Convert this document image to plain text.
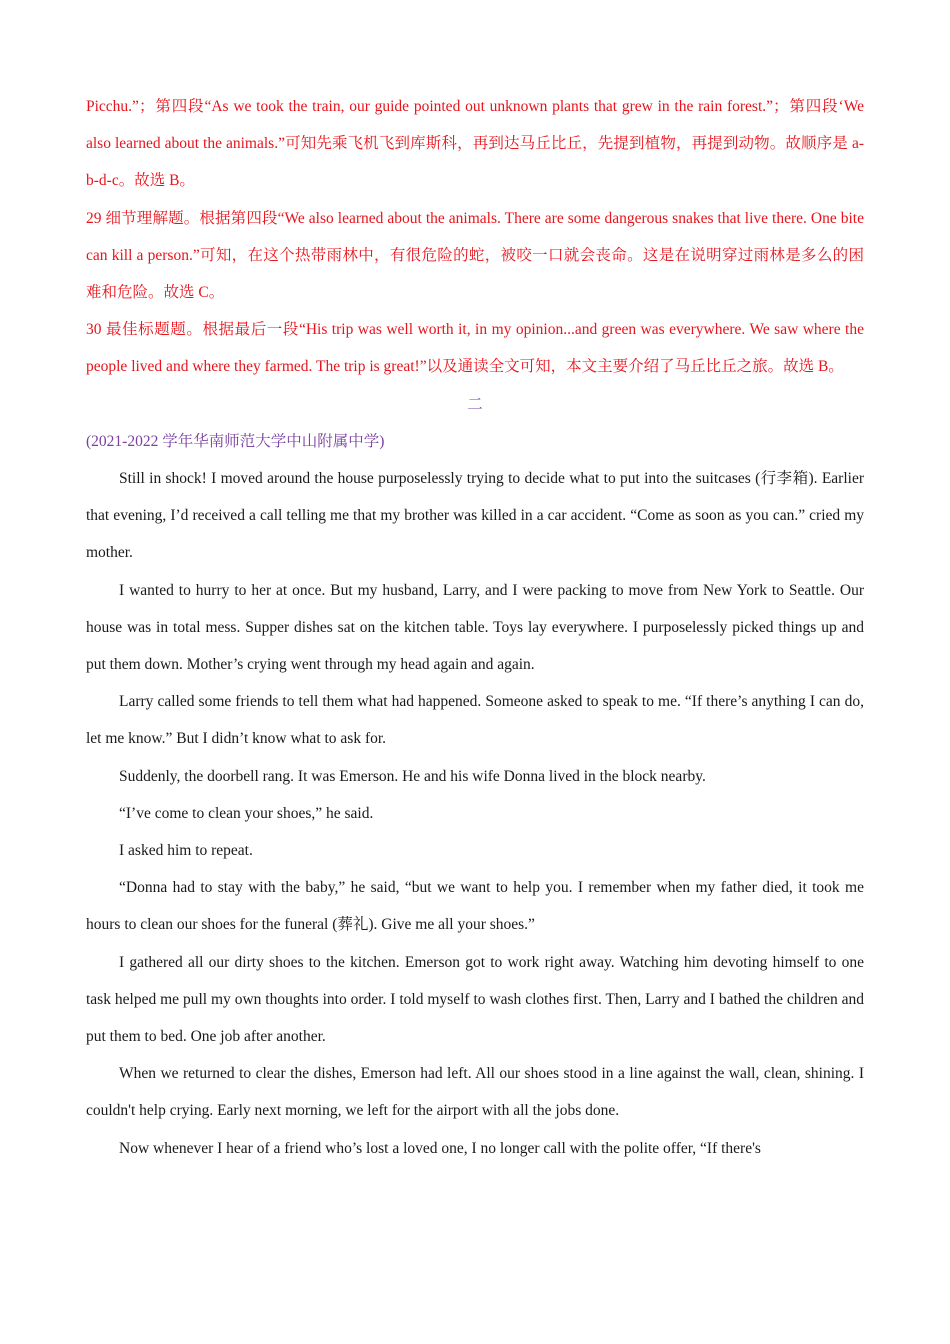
Picchu.”；第四段“As we took the train, our guide pointed out unknown plants that grew in the rain forest.”；第四段‘We also learned about the animals.”可知先乘飞机飞到库斯科，再到达马丘比丘，先提到植物，再提到动物。故顺序是 a-b-d-c。故选 B。

29 细节理解题。根据第四段“We also learned about the animals. There are some dangerous snakes that live there. One bite can kill a person.”可知，在这个热带雨林中，有很危险的蛇，被咬一口就会丧命。这是在说明穿过雨林是多么的困难和危险。故选 C。

30 最佳标题题。根据最后一段“His trip was well worth it, in my opinion...and green was everywhere. We saw where the people lived and where they farmed. The trip is great!”以及通读全文可知，本文主要介绍了马丘比丘之旅。故选 B。

二

(2021-2022 学年华南师范大学中山附属中学)

Still in shock! I moved around the house purposelessly trying to decide what to put into the suitcases (行李箱). Earlier that evening, I’d received a call telling me that my brother was killed in a car accident. “Come as soon as you can.” cried my mother.

I wanted to hurry to her at once. But my husband, Larry, and I were packing to move from New York to Seattle. Our house was in total mess. Supper dishes sat on the kitchen table. Toys lay everywhere. I purposelessly picked things up and put them down. Mother’s crying went through my head again and again.

Larry called some friends to tell them what had happened. Someone asked to speak to me. “If there’s anything I can do, let me know.” But I didn’t know what to ask for.

Suddenly, the doorbell rang. It was Emerson. He and his wife Donna lived in the block nearby.

“I’ve come to clean your shoes,” he said.

I asked him to repeat.

“Donna had to stay with the baby,” he said, “but we want to help you. I remember when my father died, it took me hours to clean our shoes for the funeral (葬礼). Give me all your shoes.”

I gathered all our dirty shoes to the kitchen. Emerson got to work right away. Watching him devoting himself to one task helped me pull my own thoughts into order. I told myself to wash clothes first. Then, Larry and I bathed the children and put them to bed. One job after another.

When we returned to clear the dishes, Emerson had left. All our shoes stood in a line against the wall, clean, shining. I couldn't help crying. Early next morning, we left for the airport with all the jobs done.

Now whenever I hear of a friend who’s lost a loved one, I no longer call with the polite offer, “If there's
